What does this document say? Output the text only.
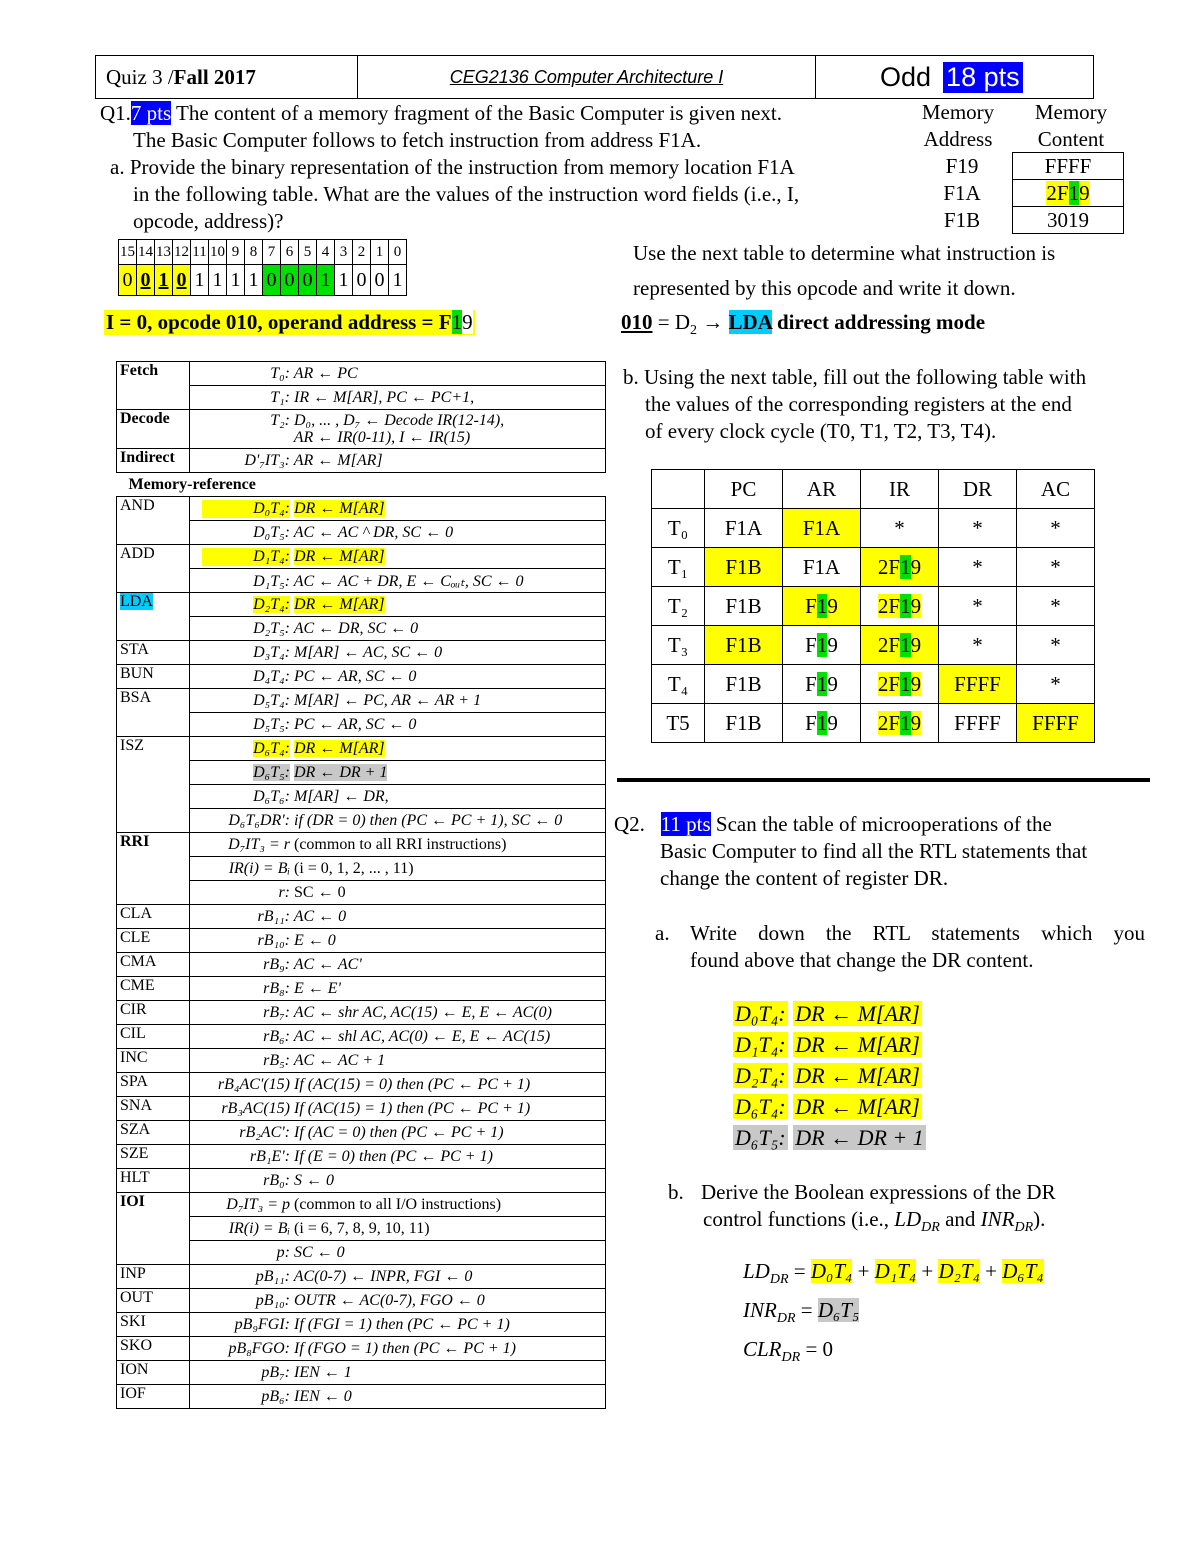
Quiz 3 / Fall 2017	CEG2136 Computer Architecture I	Odd 18 pts
Q1.7 pts The content of a memory fragment of the Basic Computer is given next.
The Basic Computer follows to fetch instruction from address F1A.
a. Provide the binary representation of the instruction from memory location F1A
in the following table. What are the values of the instruction word fields (i.e., I,
opcode, address)?
Memory
Address
Memory
Content
F19	FFFF
F1A	2F19
F1B	3019
15	14	13	12	11	10	9	8	7	6	5	4	3	2	1	0
0	0	1	0	1	1	1	1	0	0	0	1	1	0	0	1
I = 0, opcode 010, operand address = F19
Use the next table to determine what instruction is
represented by this opcode and write it down.
$010 = D_2$ → LDA direct addressing mode
Fetch	T₀: AR ← PC
	T₁: IR ← M[AR], PC ← PC+1,
Decode	T₂: D₀, ... , D₇ ← Decode IR(12-14),
AR ← IR(0-11), I ← IR(15)
Indirect	D'₇IT₃: AR ← M[AR]
Memory-reference	
AND	D₀T₄: DR ← M[AR]
	D₀T₅: AC ← AC ^ DR, SC ← 0
ADD	D₁T₄: DR ← M[AR]
	D₁T₅: AC ← AC + DR, E ← Cₒᵤₜ, SC ← 0
LDA	D₂T₄: DR ← M[AR]
	D₂T₅: AC ← DR, SC ← 0
STA	D₃T₄: M[AR] ← AC, SC ← 0
BUN	D₄T₄: PC ← AR, SC ← 0
BSA	D₅T₄: M[AR] ← PC, AR ← AR + 1
	D₅T₅: PC ← AR, SC ← 0
ISZ	D₆T₄: DR ← M[AR]
	D₆T₅: DR ← DR + 1
	D₆T₆: M[AR] ← DR,
	D₆T₆DR': if (DR = 0) then (PC ← PC + 1), SC ← 0
RRI	D₇IT₃ = r (common to all RRI instructions)
	IR(i) = Bᵢ (i = 0, 1, 2, ... , 11)
	r: SC ← 0
CLA	rB₁₁: AC ← 0
CLE	rB₁₀: E ← 0
CMA	rB₉: AC ← AC'
CME	rB₈: E ← E'
CIR	rB₇: AC ← shr AC, AC(15) ← E, E ← AC(0)
CIL	rB₆: AC ← shl AC, AC(0) ← E, E ← AC(15)
INC	rB₅: AC ← AC + 1
SPA	rB₄AC'(15) If (AC(15) = 0) then (PC ← PC + 1)
SNA	rB₃AC(15) If (AC(15) = 1) then (PC ← PC + 1)
SZA	rB₂AC': If (AC = 0) then (PC ← PC + 1)
SZE	rB₁E': If (E = 0) then (PC ← PC + 1)
HLT	rB₀: S ← 0
IOI	D₇IT₃ = p (common to all I/O instructions)
	IR(i) = Bᵢ (i = 6, 7, 8, 9, 10, 11)
	p: SC ← 0
INP	pB₁₁: AC(0-7) ← INPR, FGI ← 0
OUT	pB₁₀: OUTR ← AC(0-7), FGO ← 0
SKI	pB₉FGI: If (FGI = 1) then (PC ← PC + 1)
SKO	pB₈FGO: If (FGO = 1) then (PC ← PC + 1)
ION	pB₇: IEN ← 1
IOF	pB₆: IEN ← 0
b. Using the next table, fill out the following table with
the values of the corresponding registers at the end
of every clock cycle (T0, T1, T2, T3, T4).
	PC	AR	IR	DR	AC
T₀	F1A	F1A	*	*	*
T₁	F1B	F1A	2F19	*	*
T₂	F1B	F19	2F19	*	*
T₃	F1B	F19	2F19	*	*
T₄	F1B	F19	2F19	FFFF	*
T5	F1B	F19	2F19	FFFF	FFFF
Q2. 11 pts Scan the table of microoperations of the
Basic Computer to find all the RTL statements that
change the content of register DR.
a. Write down the RTL statements which you
found above that change the DR content.
D₀T₄: DR ← M[AR]
D₁T₄: DR ← M[AR]
D₂T₄: DR ← M[AR]
D₆T₄: DR ← M[AR]
D₆T₅: DR ← DR + 1
b. Derive the Boolean expressions of the DR
control functions (i.e., $LD_{DR}$ and $INR_{DR}$).
$LD_{DR} = D_0T_4 + D_1T_4 + D_2T_4 + D_6T_4$
$INR_{DR} = D_6T_5$
$CLR_{DR} = 0$
